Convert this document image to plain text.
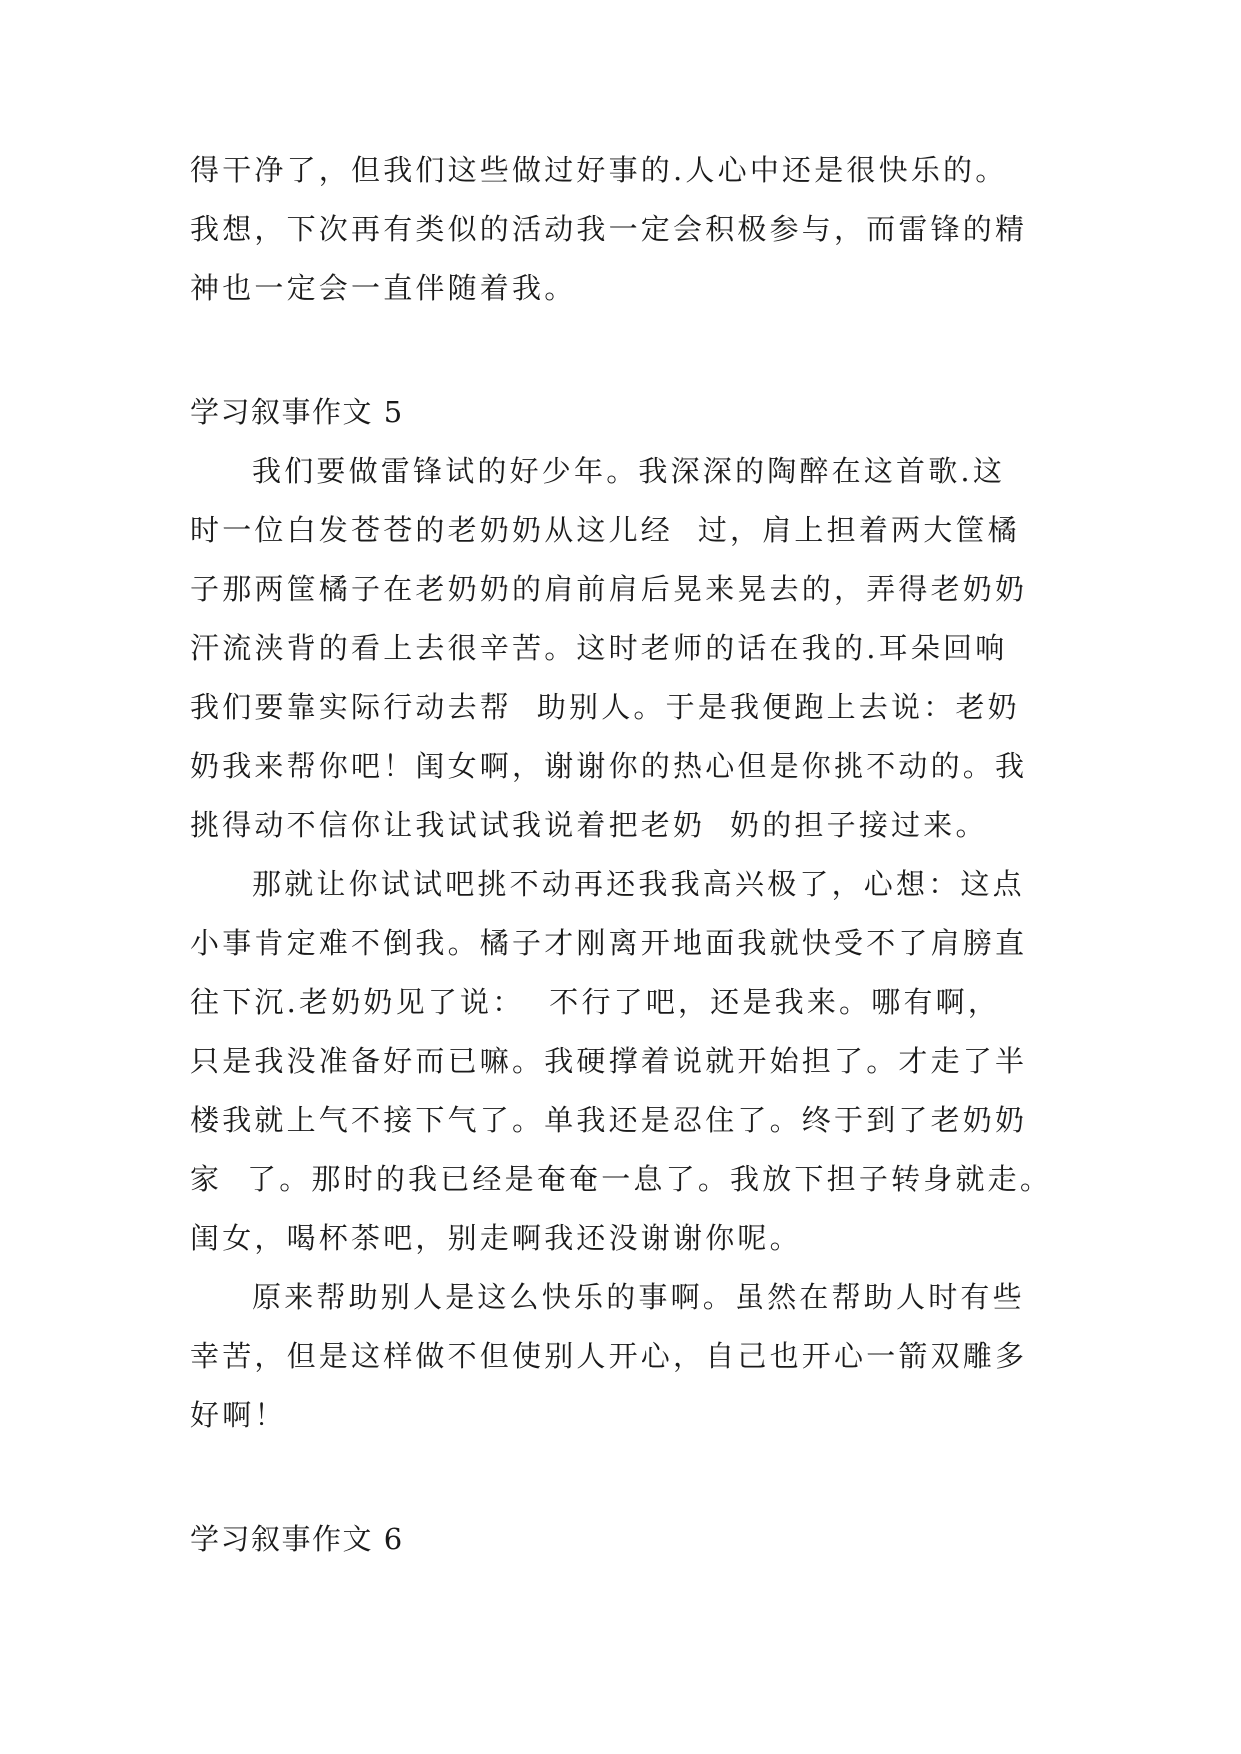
得干净了，但我们这些做过好事的.人心中还是很快乐的。
我想，下次再有类似的活动我一定会积极参与，而雷锋的精
神也一定会一直伴随着我。
学习叙事作文 5
我们要做雷锋试的好少年。我深深的陶醉在这首歌.这
时一位白发苍苍的老奶奶从这儿经  过，肩上担着两大筐橘
子那两筐橘子在老奶奶的肩前肩后晃来晃去的，弄得老奶奶
汗流浃背的看上去很辛苦。这时老师的话在我的.耳朵回响
我们要靠实际行动去帮  助别人。于是我便跑上去说：老奶
奶我来帮你吧！闺女啊，谢谢你的热心但是你挑不动的。我
挑得动不信你让我试试我说着把老奶  奶的担子接过来。
那就让你试试吧挑不动再还我我高兴极了，心想：这点
小事肯定难不倒我。橘子才刚离开地面我就快受不了肩膀直
往下沉.老奶奶见了说：  不行了吧，还是我来。哪有啊，
只是我没准备好而已嘛。我硬撑着说就开始担了。才走了半
楼我就上气不接下气了。单我还是忍住了。终于到了老奶奶
家  了。那时的我已经是奄奄一息了。我放下担子转身就走。
闺女，喝杯茶吧，别走啊我还没谢谢你呢。
原来帮助别人是这么快乐的事啊。虽然在帮助人时有些
幸苦，但是这样做不但使别人开心，自己也开心一箭双雕多
好啊！
学习叙事作文 6
